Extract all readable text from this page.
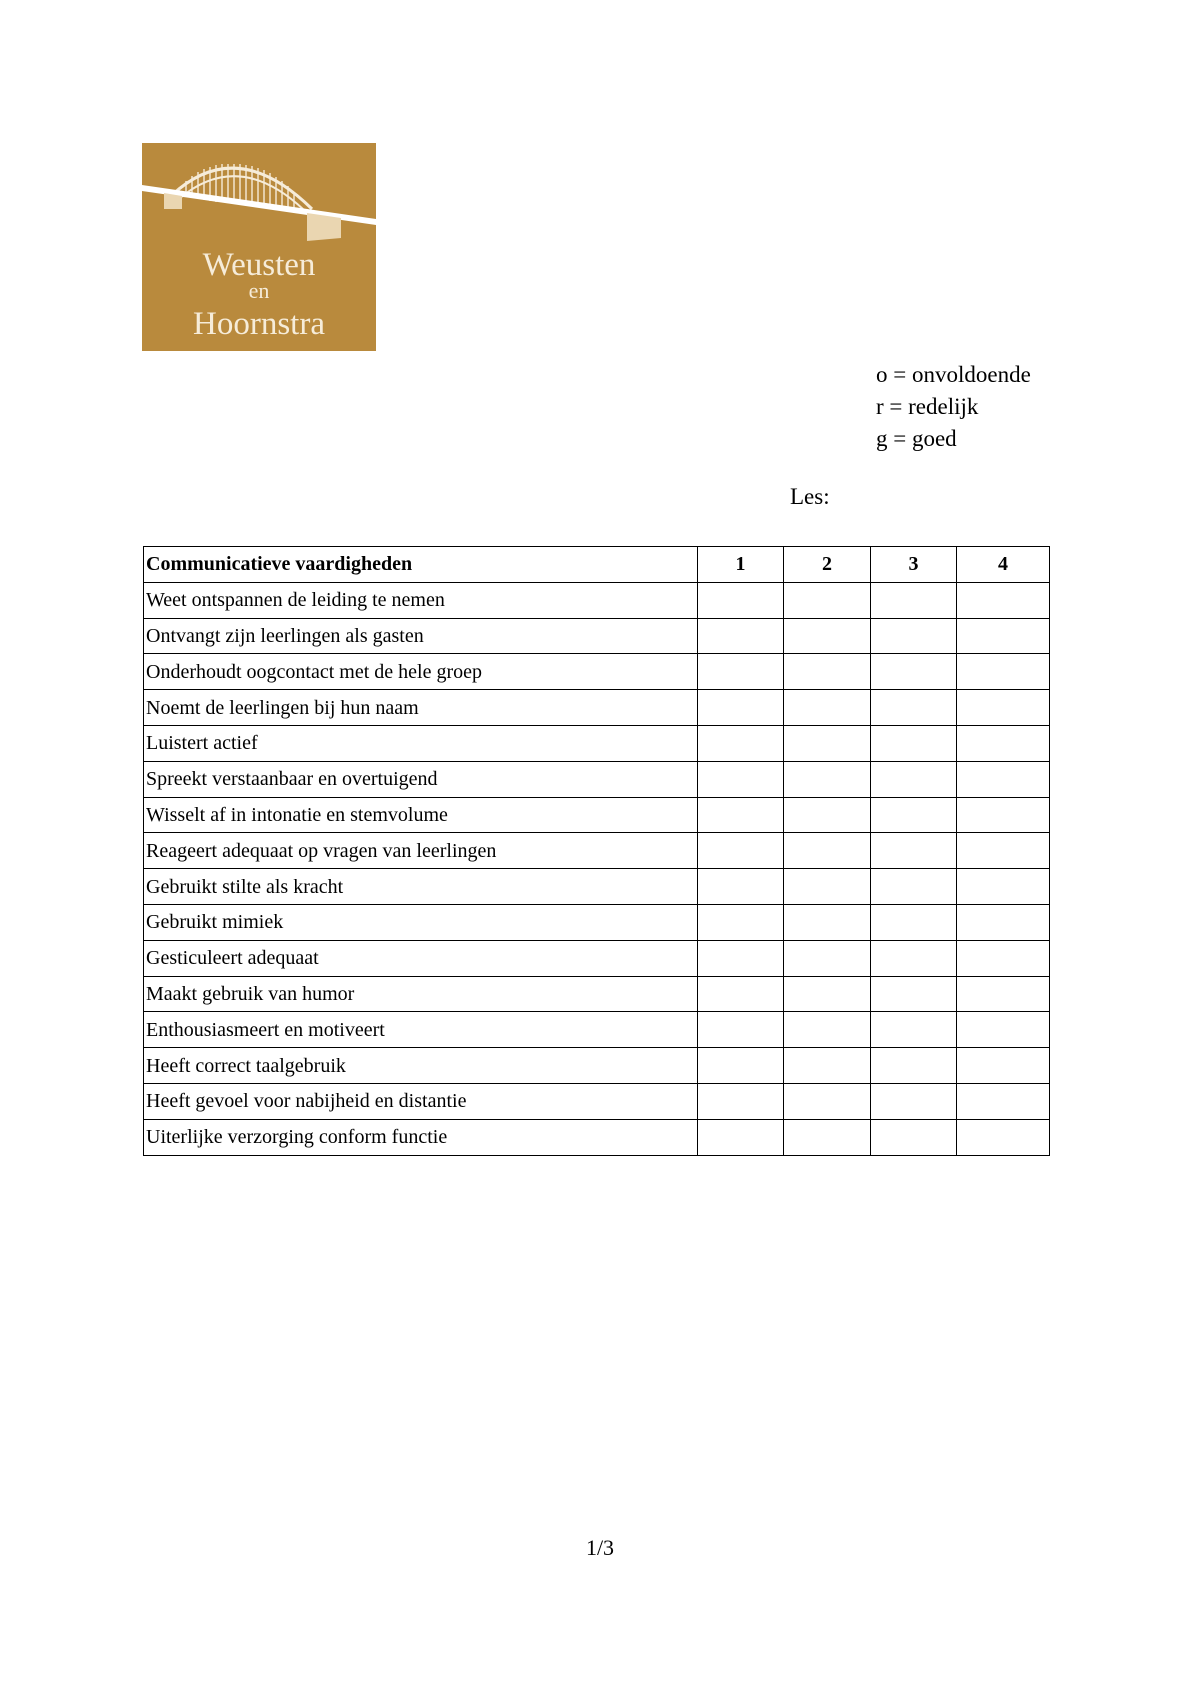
Weusten
en
Hoornstra
o = onvoldoende
r = redelijk
g = goed
Les:
Communicatieve vaardigheden	1	2	3	4
Weet ontspannen de leiding te nemen				
Ontvangt zijn leerlingen als gasten				
Onderhoudt oogcontact met de hele groep				
Noemt de leerlingen bij hun naam				
Luistert actief				
Spreekt verstaanbaar en overtuigend				
Wisselt af in intonatie en stemvolume				
Reageert adequaat op vragen van leerlingen				
Gebruikt stilte als kracht				
Gebruikt mimiek				
Gesticuleert adequaat				
Maakt gebruik van humor				
Enthousiasmeert en motiveert				
Heeft correct taalgebruik				
Heeft gevoel voor nabijheid en distantie				
Uiterlijke verzorging conform functie				
1/3
